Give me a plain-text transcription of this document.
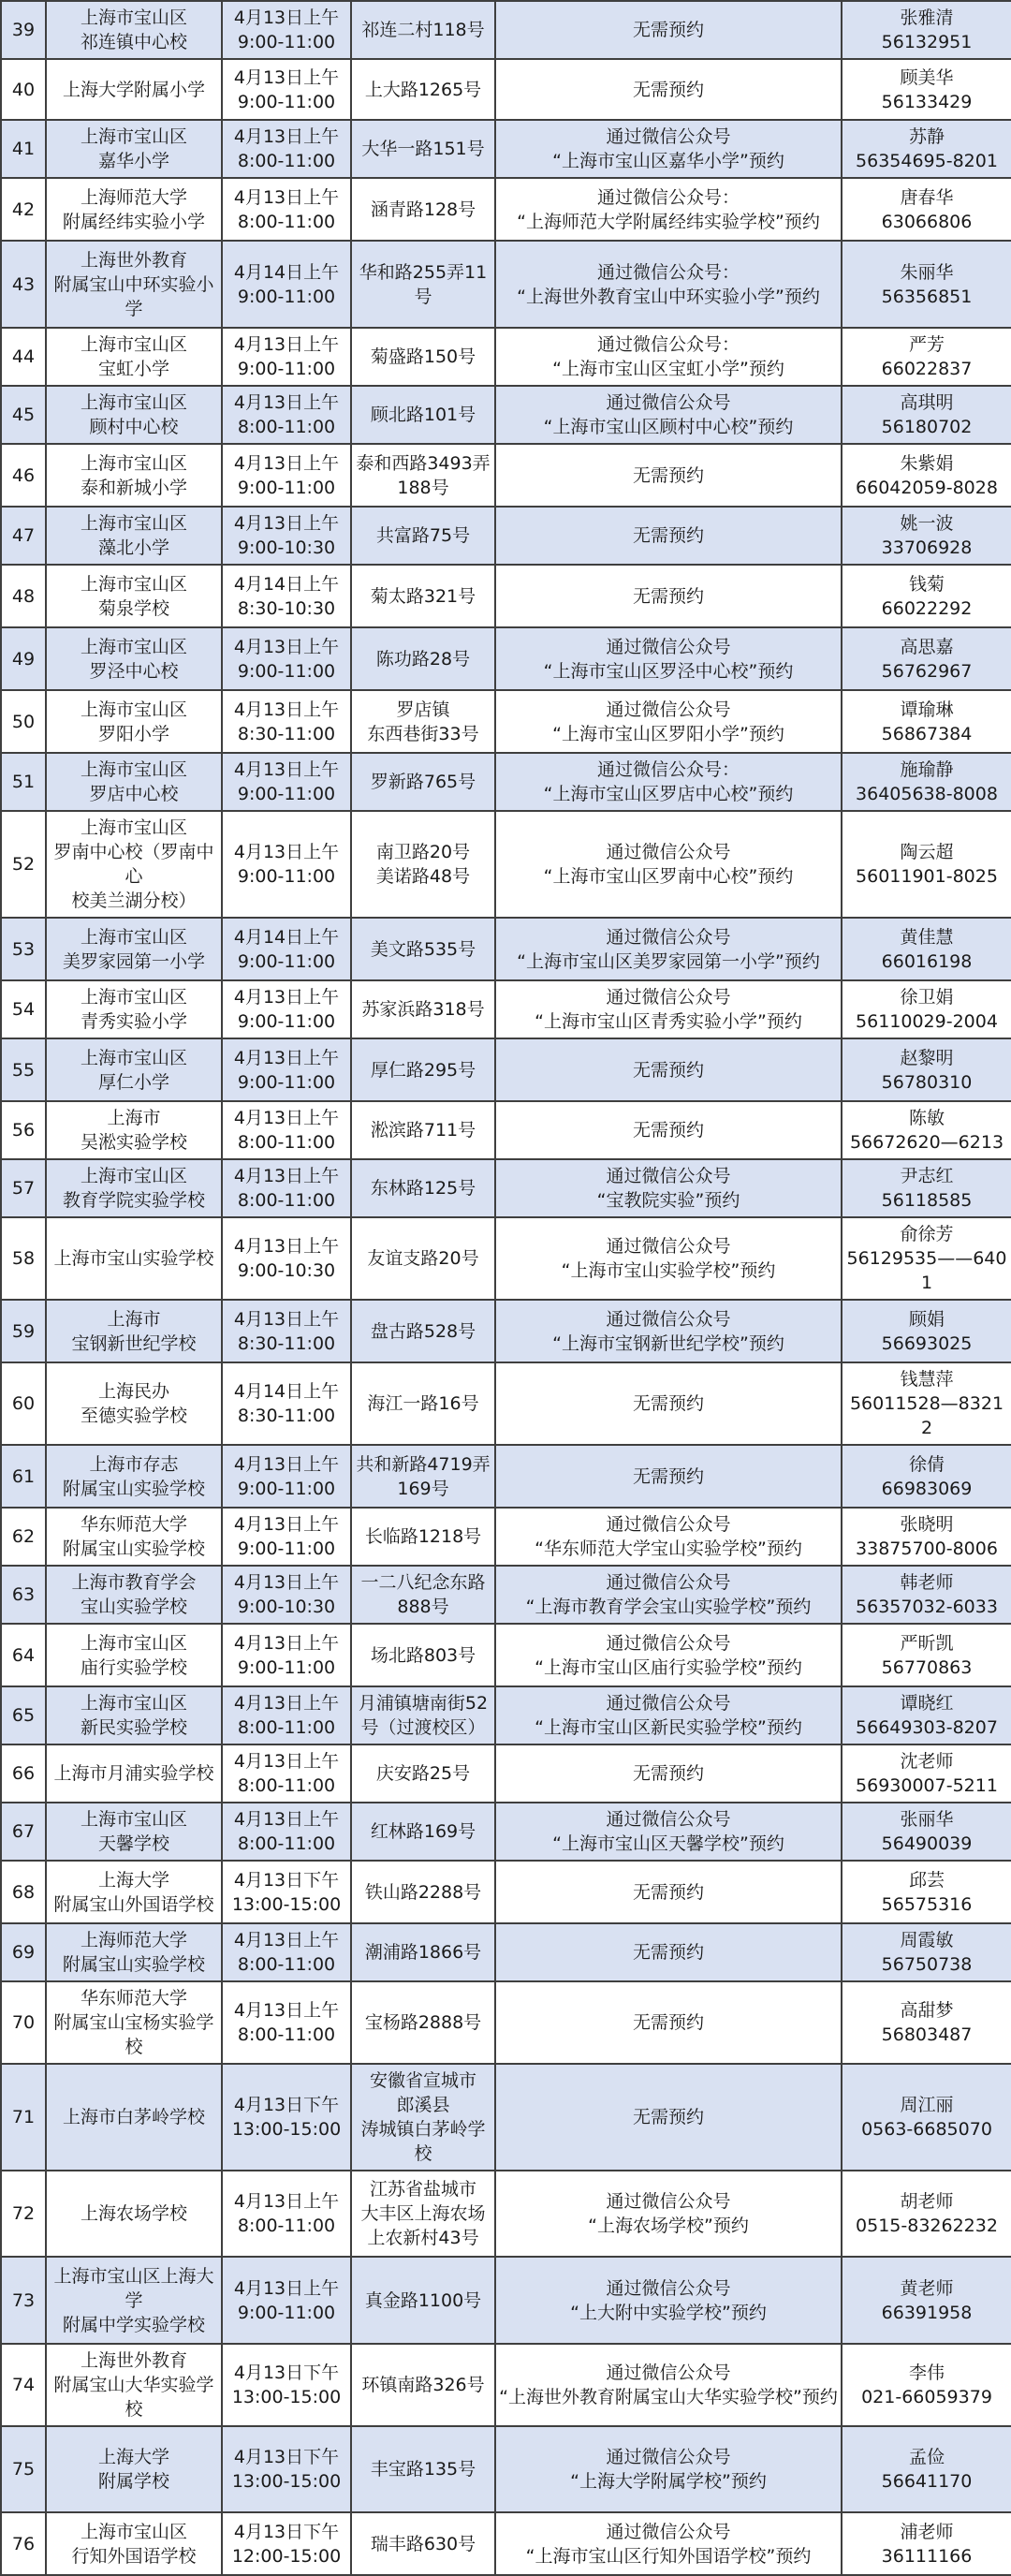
39	上海市宝山区
祁连镇中心校	4月13日上午
9:00-11:00	祁连二村118号	无需预约	张雅清
56132951
40	上海大学附属小学	4月13日上午
9:00-11:00	上大路1265号	无需预约	顾美华
56133429
41	上海市宝山区
嘉华小学	4月13日上午
8:00-11:00	大华一路151号	通过微信公众号
“上海市宝山区嘉华小学”预约	苏静
56354695-8201
42	上海师范大学
附属经纬实验小学	4月13日上午
8:00-11:00	涵青路128号	通过微信公众号：
“上海师范大学附属经纬实验学校”预约	唐春华
63066806
43	上海世外教育
附属宝山中环实验小学	4月14日上午
9:00-11:00	华和路255弄11号	通过微信公众号：
“上海世外教育宝山中环实验小学”预约	朱丽华
56356851
44	上海市宝山区
宝虹小学	4月13日上午
9:00-11:00	菊盛路150号	通过微信公众号：
“上海市宝山区宝虹小学”预约	严芳
66022837
45	上海市宝山区
顾村中心校	4月13日上午
8:00-11:00	顾北路101号	通过微信公众号
“上海市宝山区顾村中心校”预约	高琪明
56180702
46	上海市宝山区
泰和新城小学	4月13日上午
9:00-11:00	泰和西路3493弄
188号	无需预约	朱紫娟
66042059-8028
47	上海市宝山区
藻北小学	4月13日上午
9:00-10:30	共富路75号	无需预约	姚一波
33706928
48	上海市宝山区
菊泉学校	4月14日上午
8:30-10:30	菊太路321号	无需预约	钱菊
66022292
49	上海市宝山区
罗泾中心校	4月13日上午
9:00-11:00	陈功路28号	通过微信公众号
“上海市宝山区罗泾中心校”预约	高思嘉
56762967
50	上海市宝山区
罗阳小学	4月13日上午
8:30-11:00	罗店镇
东西巷街33号	通过微信公众号
“上海市宝山区罗阳小学”预约	谭瑜琳
56867384
51	上海市宝山区
罗店中心校	4月13日上午
9:00-11:00	罗新路765号	通过微信公众号：
“上海市宝山区罗店中心校”预约	施瑜静
36405638-8008
52	上海市宝山区
罗南中心校（罗南中心
校美兰湖分校）	4月13日上午
9:00-11:00	南卫路20号
美诺路48号	通过微信公众号
“上海市宝山区罗南中心校”预约	陶云超
56011901-8025
53	上海市宝山区
美罗家园第一小学	4月14日上午
9:00-11:00	美文路535号	通过微信公众号
“上海市宝山区美罗家园第一小学”预约	黄佳慧
66016198
54	上海市宝山区
青秀实验小学	4月13日上午
9:00-11:00	苏家浜路318号	通过微信公众号
“上海市宝山区青秀实验小学”预约	徐卫娟
56110029-2004
55	上海市宝山区
厚仁小学	4月13日上午
9:00-11:00	厚仁路295号	无需预约	赵黎明
56780310
56	上海市
吴淞实验学校	4月13日上午
8:00-11:00	淞滨路711号	无需预约	陈敏
56672620—6213
57	上海市宝山区
教育学院实验学校	4月13日上午
8:00-11:00	东林路125号	通过微信公众号
“宝教院实验”预约	尹志红
56118585
58	上海市宝山实验学校	4月13日上午
9:00-10:30	友谊支路20号	通过微信公众号
“上海市宝山实验学校”预约	俞徐芳
56129535——6401
59	上海市
宝钢新世纪学校	4月13日上午
8:30-11:00	盘古路528号	通过微信公众号
“上海市宝钢新世纪学校”预约	顾娟
56693025
60	上海民办
至德实验学校	4月14日上午
8:30-11:00	海江一路16号	无需预约	钱慧萍
56011528—83212
61	上海市存志
附属宝山实验学校	4月13日上午
9:00-11:00	共和新路4719弄
169号	无需预约	徐倩
66983069
62	华东师范大学
附属宝山实验学校	4月13日上午
9:00-11:00	长临路1218号	通过微信公众号
“华东师范大学宝山实验学校”预约	张晓明
33875700-8006
63	上海市教育学会
宝山实验学校	4月13日上午
9:00-10:30	一二八纪念东路
888号	通过微信公众号
“上海市教育学会宝山实验学校”预约	韩老师
56357032-6033
64	上海市宝山区
庙行实验学校	4月13日上午
9:00-11:00	场北路803号	通过微信公众号
“上海市宝山区庙行实验学校”预约	严昕凯
56770863
65	上海市宝山区
新民实验学校	4月13日上午
8:00-11:00	月浦镇塘南街52
号（过渡校区）	通过微信公众号
“上海市宝山区新民实验学校”预约	谭晓红
56649303-8207
66	上海市月浦实验学校	4月13日上午
8:00-11:00	庆安路25号	无需预约	沈老师
56930007-5211
67	上海市宝山区
天馨学校	4月13日上午
8:00-11:00	红林路169号	通过微信公众号
“上海市宝山区天馨学校”预约	张丽华
56490039
68	上海大学
附属宝山外国语学校	4月13日下午
13:00-15:00	铁山路2288号	无需预约	邱芸
56575316
69	上海师范大学
附属宝山实验学校	4月13日上午
8:00-11:00	潮浦路1866号	无需预约	周霞敏
56750738
70	华东师范大学
附属宝山宝杨实验学校	4月13日上午
8:00-11:00	宝杨路2888号	无需预约	高甜梦
56803487
71	上海市白茅岭学校	4月13日下午
13:00-15:00	安徽省宣城市
郎溪县
涛城镇白茅岭学校	无需预约	周江丽
0563-6685070
72	上海农场学校	4月13日上午
8:00-11:00	江苏省盐城市
大丰区上海农场
上农新村43号	通过微信公众号
“上海农场学校”预约	胡老师
0515-83262232
73	上海市宝山区上海大学
附属中学实验学校	4月13日上午
9:00-11:00	真金路1100号	通过微信公众号
“上大附中实验学校”预约	黄老师
66391958
74	上海世外教育
附属宝山大华实验学校	4月13日下午
13:00-15:00	环镇南路326号	通过微信公众号
“上海世外教育附属宝山大华实验学校”预约	李伟
021-66059379
75	上海大学
附属学校	4月13日下午
13:00-15:00	丰宝路135号	通过微信公众号
“上海大学附属学校”预约	孟俭
56641170
76	上海市宝山区
行知外国语学校	4月13日下午
12:00-15:00	瑞丰路630号	通过微信公众号
“上海市宝山区行知外国语学校”预约	浦老师
36111166
